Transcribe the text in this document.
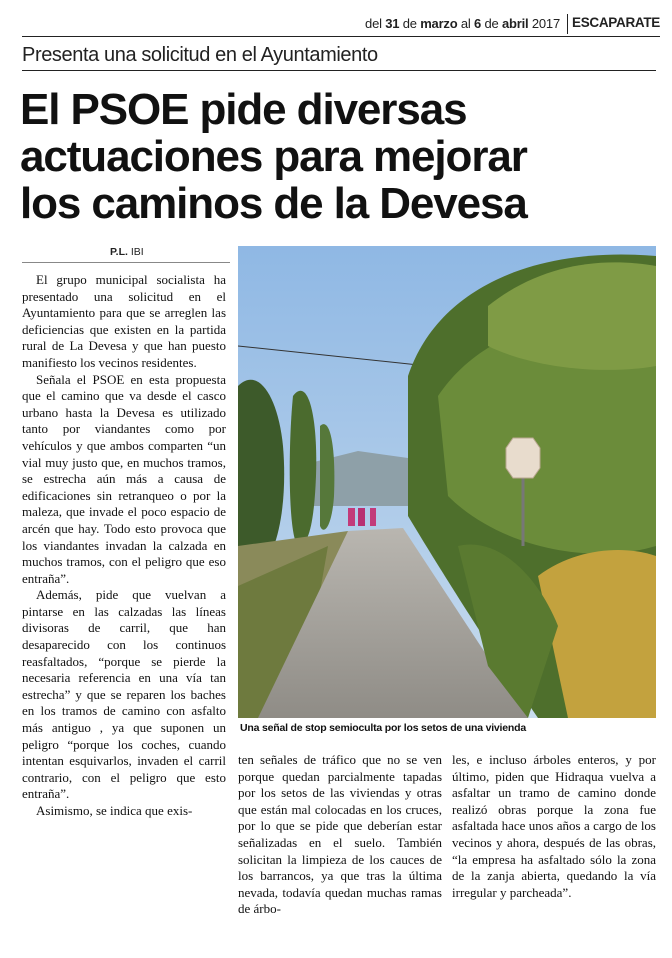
del 31 de marzo al 6 de abril 2017 ESCAPARATE
Presenta una solicitud en el Ayuntamiento
El PSOE pide diversas
actuaciones para mejorar
los caminos de la Devesa
P.L. IBI

El grupo municipal socialista ha presentado una solicitud en el Ayuntamiento para que se arreglen las deficiencias que existen en la partida rural de La Devesa y que han puesto manifiesto los vecinos residentes.

Señala el PSOE en esta propuesta que el camino que va desde el casco urbano hasta la Devesa es utilizado tanto por viandantes como por vehículos y que ambos comparten “un vial muy justo que, en muchos tramos, se estrecha aún más a causa de edificaciones sin retranqueo o por la maleza, que invade el poco espacio de arcén que hay. Todo esto provoca que los viandantes invadan la calzada en muchos tramos, con el peligro que eso entraña”.

Además, pide que vuelvan a pintarse en las calzadas las líneas divisoras de carril, que han desaparecido con los continuos reasfaltados, “porque se pierde la necesaria referencia en una vía tan estrecha” y que se reparen los baches en los tramos de camino con asfalto más antiguo , ya que suponen un peligro “porque los coches, cuando intentan esquivarlos, invaden el carril contrario, con el peligro que esto entraña”.

Asimismo, se indica que exis-

Una señal de stop semioculta por los setos de una vivienda

ten señales de tráfico que no se ven porque quedan parcialmente tapadas por los setos de las viviendas y otras que están mal colocadas en los cruces, por lo que se pide que deberían estar señalizadas en el suelo. También solicitan la limpieza de los cauces de los barrancos, ya que tras la última nevada, todavía quedan muchas ramas de árbo-

les, e incluso árboles enteros, y por último, piden que Hidraqua vuelva a asfaltar un tramo de camino donde realizó obras porque la zona fue asfaltada hace unos años a cargo de los vecinos y ahora, después de las obras, “la empresa ha asfaltado sólo la zona de la zanja abierta, quedando la vía irregular y parcheada”.
